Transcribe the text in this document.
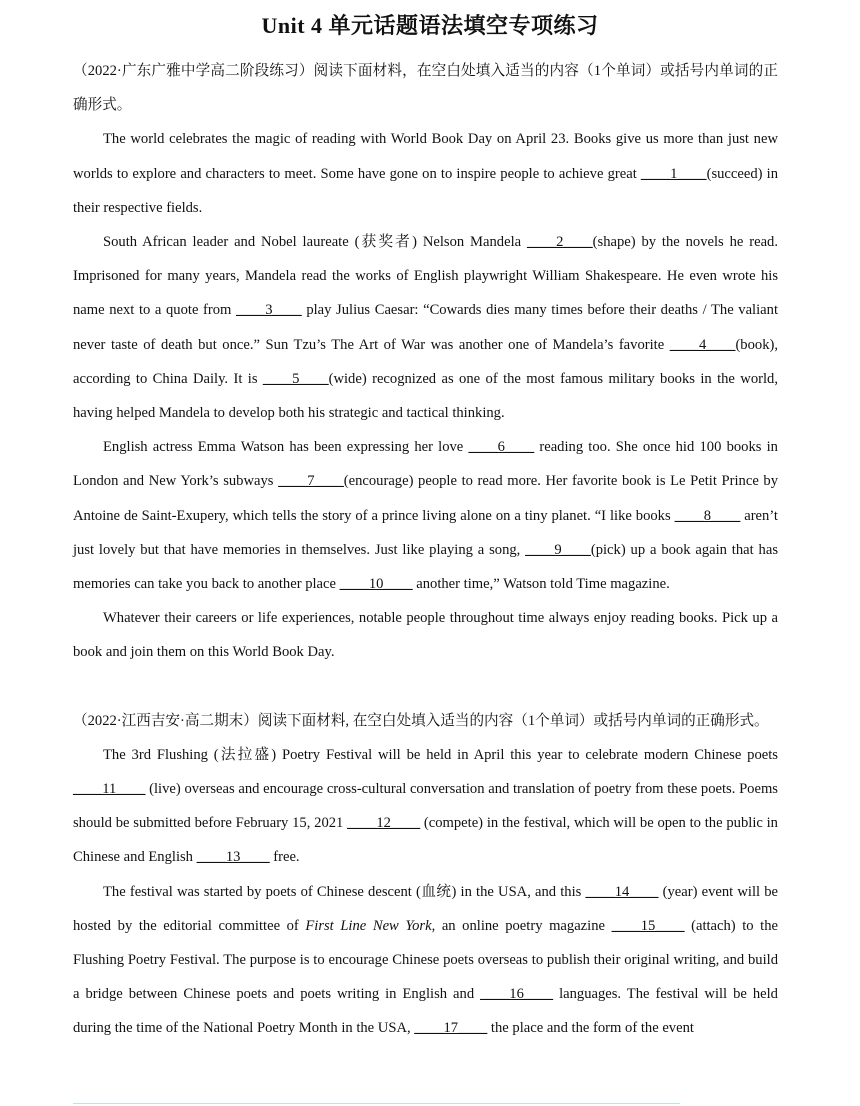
Unit 4 单元话题语法填空专项练习

（2022·广东广雅中学高二阶段练习）阅读下面材料，在空白处填入适当的内容（1个单词）或括号内单词的正确形式。

The world celebrates the magic of reading with World Book Day on April 23. Books give us more than just new worlds to explore and characters to meet. Some have gone on to inspire people to achieve great ____1____(succeed) in their respective fields.

South African leader and Nobel laureate (获奖者) Nelson Mandela ____2____(shape) by the novels he read. Imprisoned for many years, Mandela read the works of English playwright William Shakespeare. He even wrote his name next to a quote from ____3____ play Julius Caesar: “Cowards dies many times before their deaths / The valiant never taste of death but once.” Sun Tzu’s The Art of War was another one of Mandela’s favorite ____4____(book), according to China Daily. It is ____5____(wide) recognized as one of the most famous military books in the world, having helped Mandela to develop both his strategic and tactical thinking.

English actress Emma Watson has been expressing her love ____6____ reading too. She once hid 100 books in London and New York’s subways ____7____(encourage) people to read more. Her favorite book is Le Petit Prince by Antoine de Saint-Exupery, which tells the story of a prince living alone on a tiny planet. “I like books ____8____ aren’t just lovely but that have memories in themselves. Just like playing a song, ____9____(pick) up a book again that has memories can take you back to another place ____10____ another time,” Watson told Time magazine.

Whatever their careers or life experiences, notable people throughout time always enjoy reading books. Pick up a book and join them on this World Book Day.

（2022·江西吉安·高二期末）阅读下面材料, 在空白处填入适当的内容（1个单词）或括号内单词的正确形式。

The 3rd Flushing (法拉盛) Poetry Festival will be held in April this year to celebrate modern Chinese poets ____11____ (live) overseas and encourage cross-cultural conversation and translation of poetry from these poets. Poems should be submitted before February 15, 2021 ____12____ (compete) in the festival, which will be open to the public in Chinese and English ____13____ free.

The festival was started by poets of Chinese descent (血统) in the USA, and this ____14____ (year) event will be hosted by the editorial committee of First Line New York, an online poetry magazine ____15____ (attach) to the Flushing Poetry Festival. The purpose is to encourage Chinese poets overseas to publish their original writing, and build a bridge between Chinese poets and poets writing in English and ____16____ languages. The festival will be held during the time of the National Poetry Month in the USA, ____17____ the place and the form of the event
